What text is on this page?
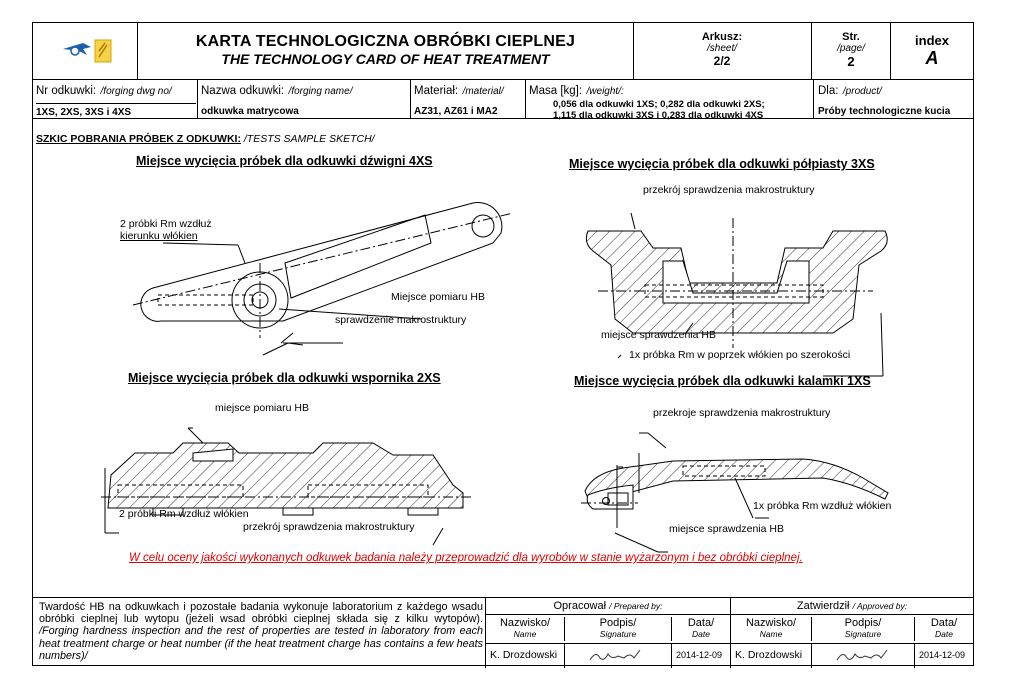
KARTA TECHNOLOGICZNA OBRÓBKI CIEPLNEJ
THE TECHNOLOGY CARD OF HEAT TREATMENT
Arkusz:
/sheet/
2/2
Str.
/page/
2
index
A
Nr odkuwki: /forging dwg no/
1XS, 2XS, 3XS i 4XS
Nazwa odkuwki: /forging name/
odkuwka matrycowa
Materiał: /material/
AZ31, AZ61 i MA2
Masa [kg]: /weight/:
0,056 dla odkuwki 1XS; 0,282 dla odkuwki 2XS;
1,115 dla odkuwki 3XS i 0,283 dla odkuwki 4XS
Dla: /product/
Próby technologiczne kucia
SZKIC POBRANIA PRÓBEK Z ODKUWKI: /TESTS SAMPLE SKETCH/
Miejsce wycięcia próbek dla odkuwki dźwigni 4XS	Miejsce wycięcia próbek dla odkuwki półpiasty 3XS
Miejsce wycięcia próbek dla odkuwki wspornika 2XS	Miejsce wycięcia próbek dla odkuwki kalamki 1XS
2 próbki Rm wzdłuż
kierunku włókien
Miejsce pomiaru HB
sprawdzenie makrostruktury
przekrój sprawdzenia makrostruktury
miejsce sprawdzenia HB
1x próbka Rm w poprzek włókien po szerokości
miejsce pomiaru HB
2 próbki Rm wzdłuż włókien
przekrój sprawdzenia makrostruktury
przekroje sprawdzenia makrostruktury
1x próbka Rm wzdłuż włókien
miejsce sprawdzenia HB
W celu oceny jakości wykonanych odkuwek badania należy przeprowadzić dla wyrobów w stanie wyżarzonym i bez obróbki cieplnej.
Twardość HB na odkuwkach i pozostałe badania wykonuje laboratorium z każdego wsadu obróbki cieplnej lub wytopu (jeżeli wsad obróbki cieplnej składa się z kilku wytopów). /Forging hardness inspection and the rest of properties are tested in laboratory from each heat treatment charge or heat number (if the heat treatment charge has contains a few heats numbers)/
Opracował / Prepared by:
Nazwisko/
Name
Podpis/
Signature
Data/
Date
K. Drozdowski	2014-12-09
Zatwierdził / Approved by:
Nazwisko/
Name
Podpis/
Signature
Data/
Date
K. Drozdowski	2014-12-09
